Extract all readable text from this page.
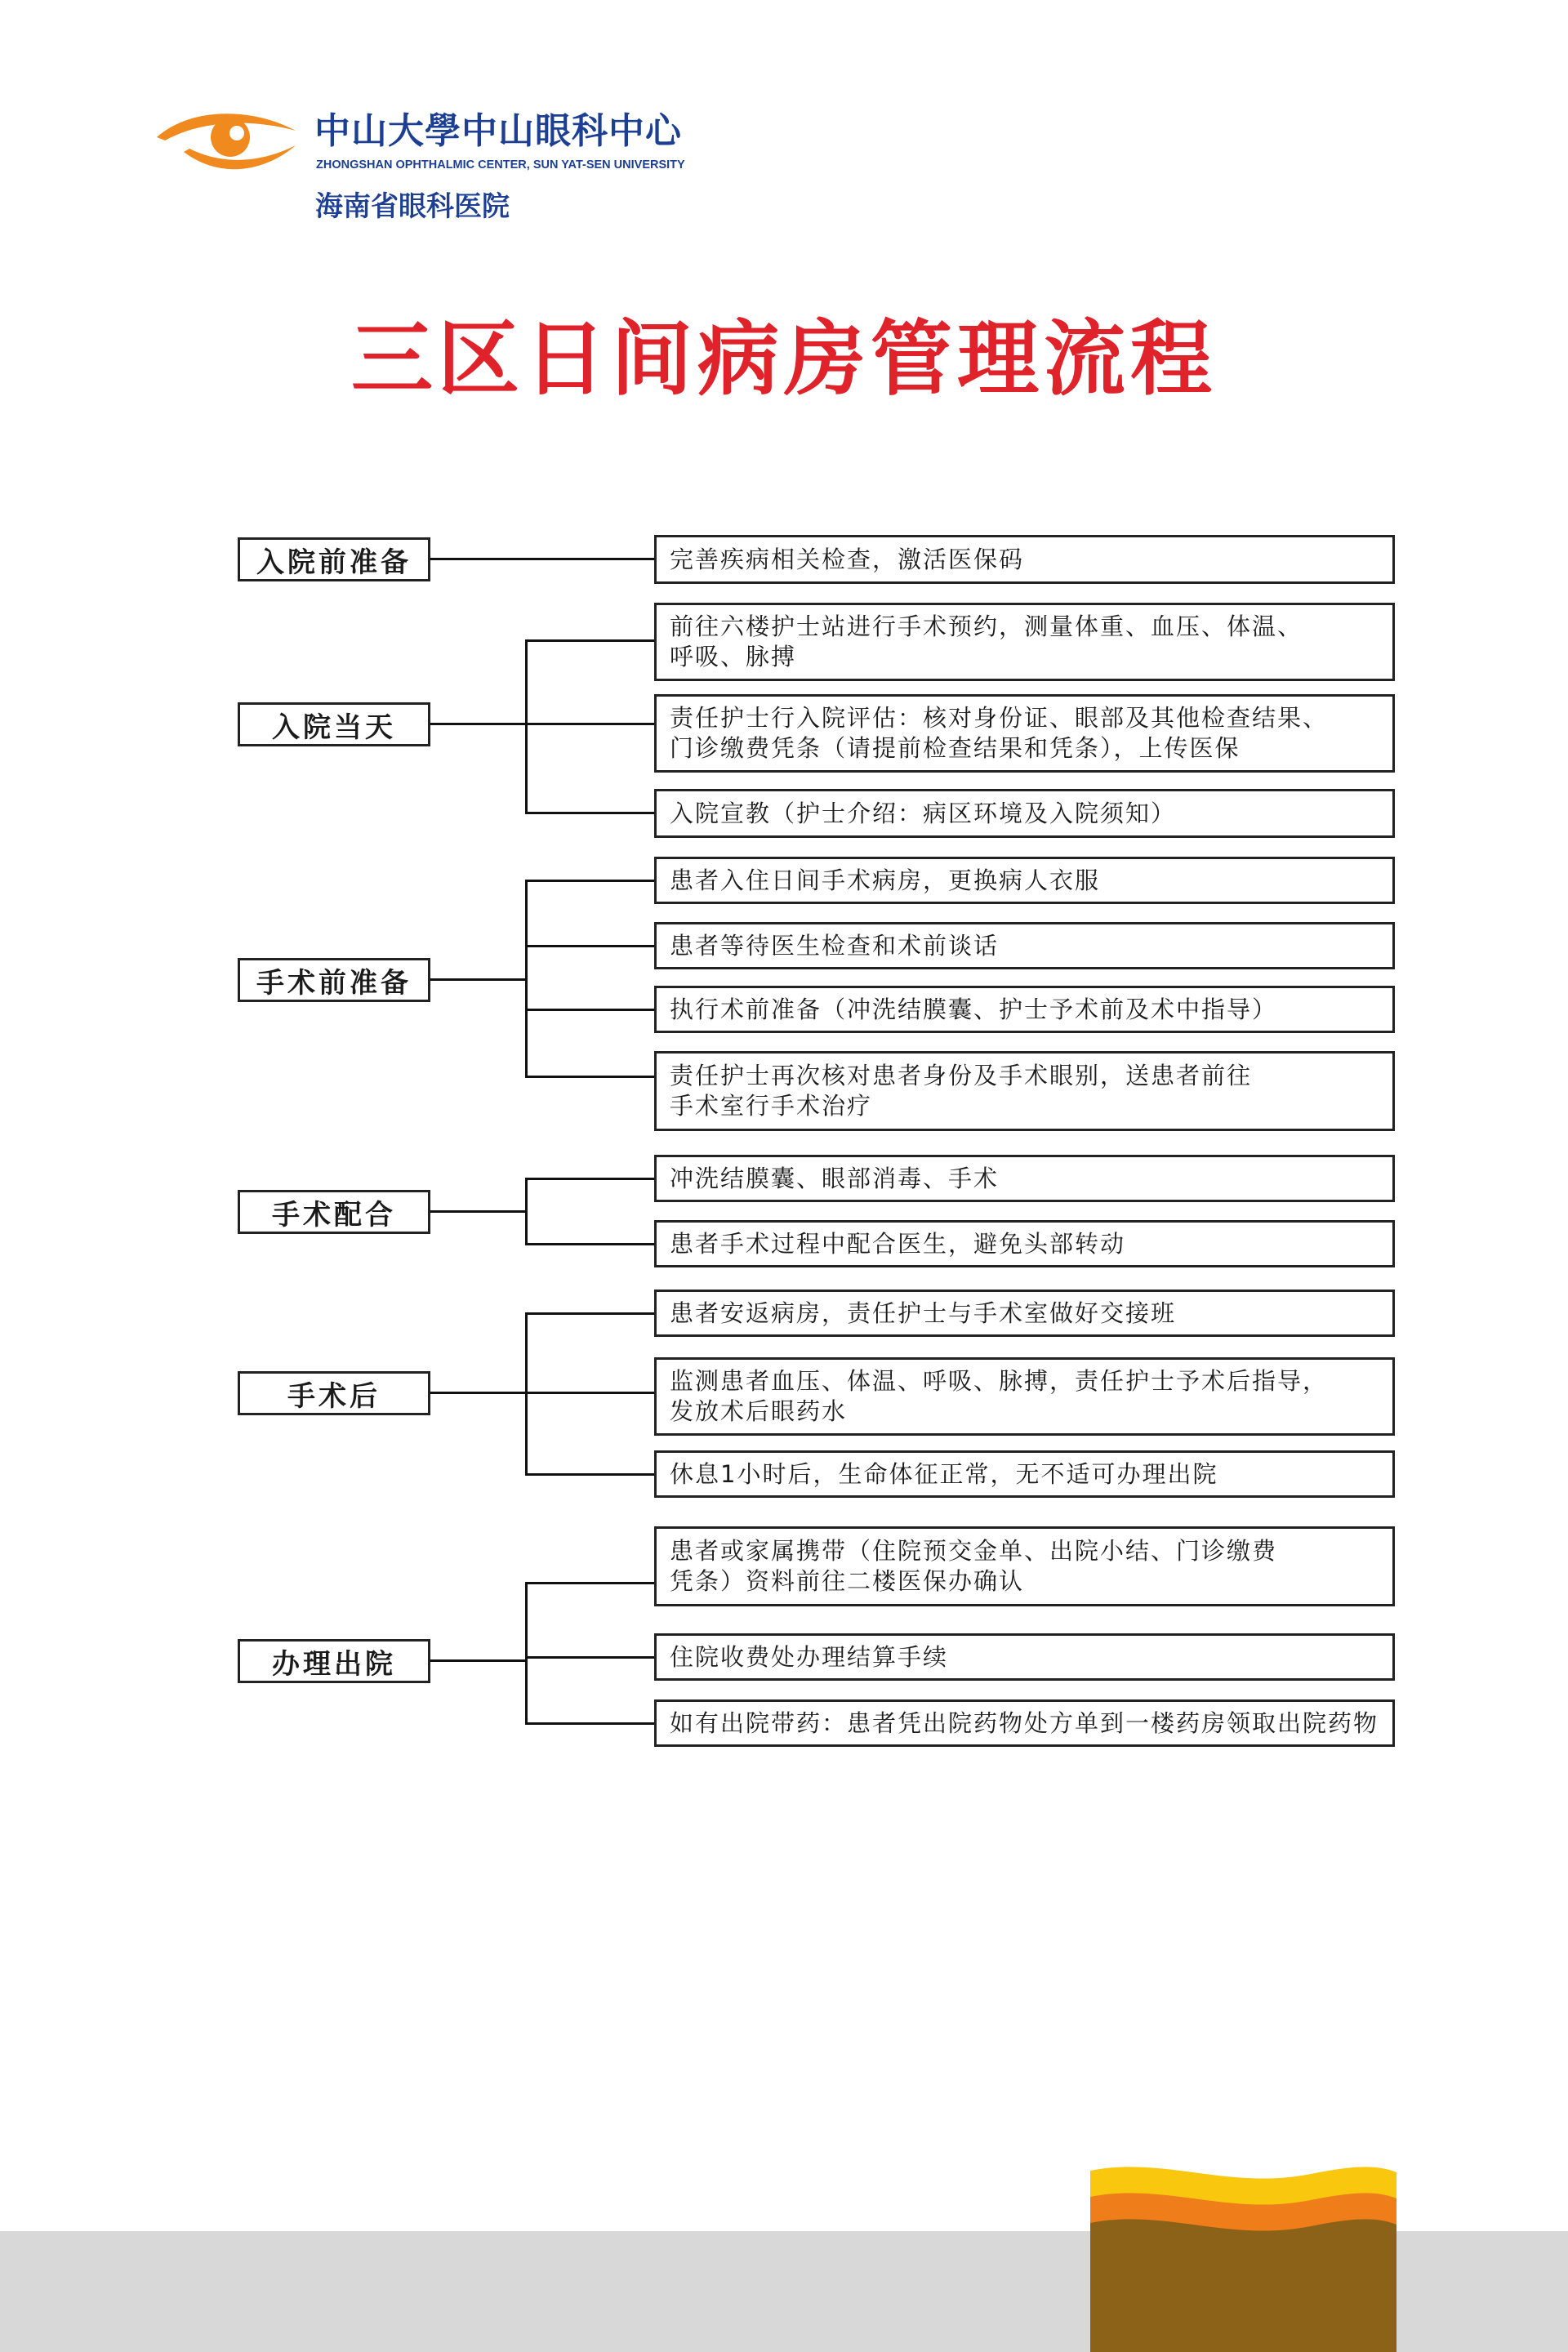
中山大學中山眼科中心
ZHONGSHAN OPHTHALMIC CENTER, SUN YAT-SEN UNIVERSITY
海南省眼科医院
三区日间病房管理流程
入院前准备	完善疾病相关检查，激活医保码
入院当天
前往六楼护士站进行手术预约，测量体重、血压、体温、
呼吸、脉搏
责任护士行入院评估：核对身份证、眼部及其他检查结果、
门诊缴费凭条（请提前检查结果和凭条），上传医保
入院宣教（护士介绍：病区环境及入院须知）
手术前准备
患者入住日间手术病房，更换病人衣服
患者等待医生检查和术前谈话
执行术前准备（冲洗结膜囊、护士予术前及术中指导）
责任护士再次核对患者身份及手术眼别，送患者前往
手术室行手术治疗
手术配合
冲洗结膜囊、眼部消毒、手术
患者手术过程中配合医生，避免头部转动
手术后
患者安返病房，责任护士与手术室做好交接班
监测患者血压、体温、呼吸、脉搏，责任护士予术后指导，
发放术后眼药水
休息1小时后，生命体征正常，无不适可办理出院
办理出院
患者或家属携带（住院预交金单、出院小结、门诊缴费
凭条）资料前往二楼医保办确认
住院收费处办理结算手续
如有出院带药：患者凭出院药物处方单到一楼药房领取出院药物
